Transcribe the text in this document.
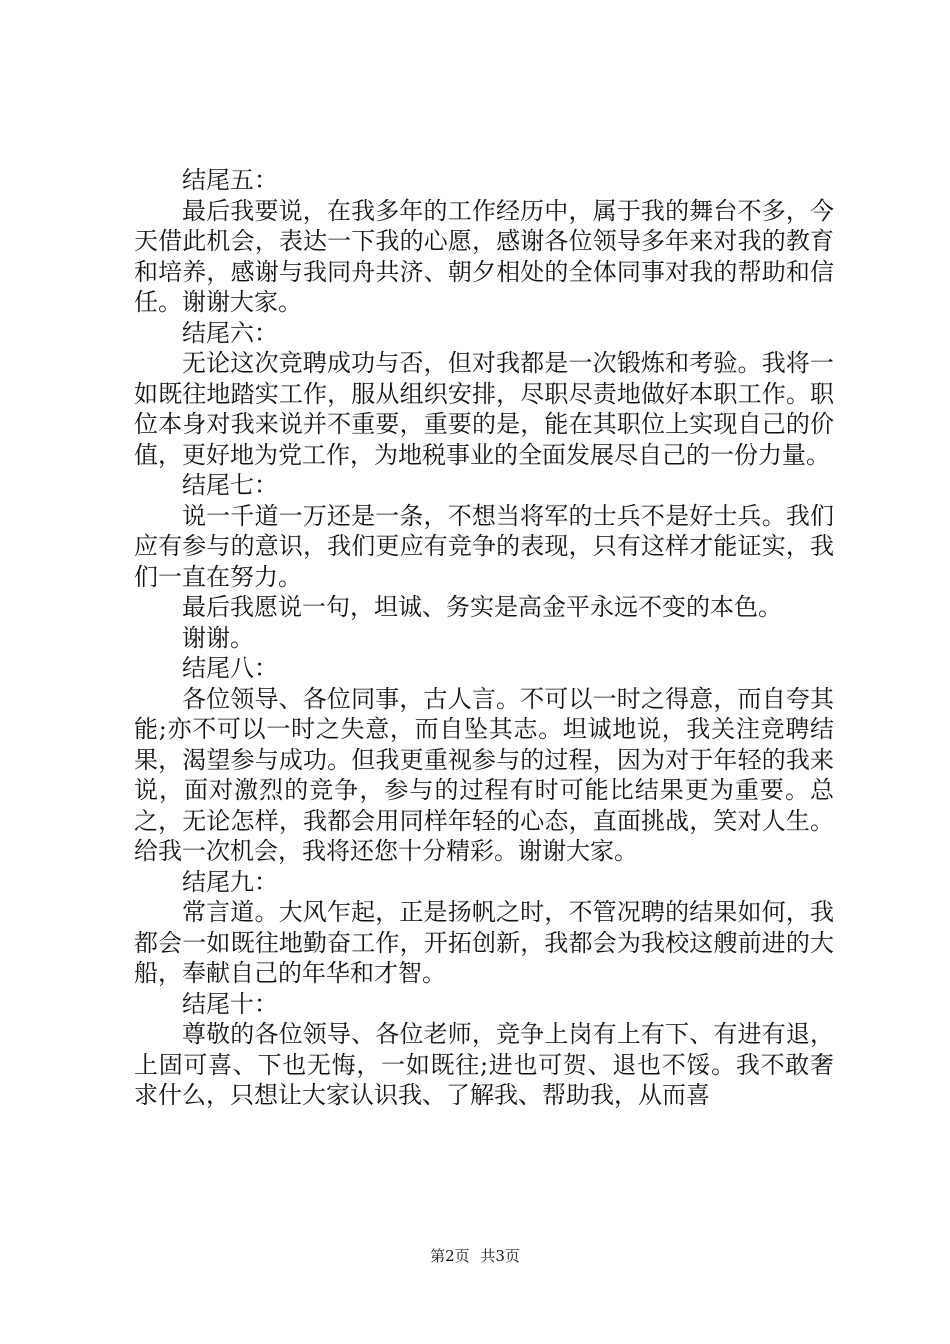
结尾五：

最后我要说，在我多年的工作经历中，属于我的舞台不多，今天借此机会，表达一下我的心愿，感谢各位领导多年来对我的教育和培养，感谢与我同舟共济、朝夕相处的全体同事对我的帮助和信任。谢谢大家。

结尾六：

无论这次竞聘成功与否，但对我都是一次锻炼和考验。我将一如既往地踏实工作，服从组织安排，尽职尽责地做好本职工作。职位本身对我来说并不重要，重要的是，能在其职位上实现自己的价值，更好地为党工作，为地税事业的全面发展尽自己的一份力量。

结尾七：

说一千道一万还是一条，不想当将军的士兵不是好士兵。我们应有参与的意识，我们更应有竞争的表现，只有这样才能证实，我们一直在努力。

最后我愿说一句，坦诚、务实是高金平永远不变的本色。

谢谢。

结尾八：

各位领导、各位同事，古人言。不可以一时之得意，而自夸其能;亦不可以一时之失意，而自坠其志。坦诚地说，我关注竞聘结果，渴望参与成功。但我更重视参与的过程，因为对于年轻的我来说，面对激烈的竞争，参与的过程有时可能比结果更为重要。总之，无论怎样，我都会用同样年轻的心态，直面挑战，笑对人生。给我一次机会，我将还您十分精彩。谢谢大家。

结尾九：

常言道。大风乍起，正是扬帆之时，不管况聘的结果如何，我都会一如既往地勤奋工作，开拓创新，我都会为我校这艘前进的大船，奉献自己的年华和才智。

结尾十：

尊敬的各位领导、各位老师，竞争上岗有上有下、有进有退，上固可喜、下也无悔，一如既往;进也可贺、退也不馁。我不敢奢求什么，只想让大家认识我、了解我、帮助我，从而喜

第2页 共3页
